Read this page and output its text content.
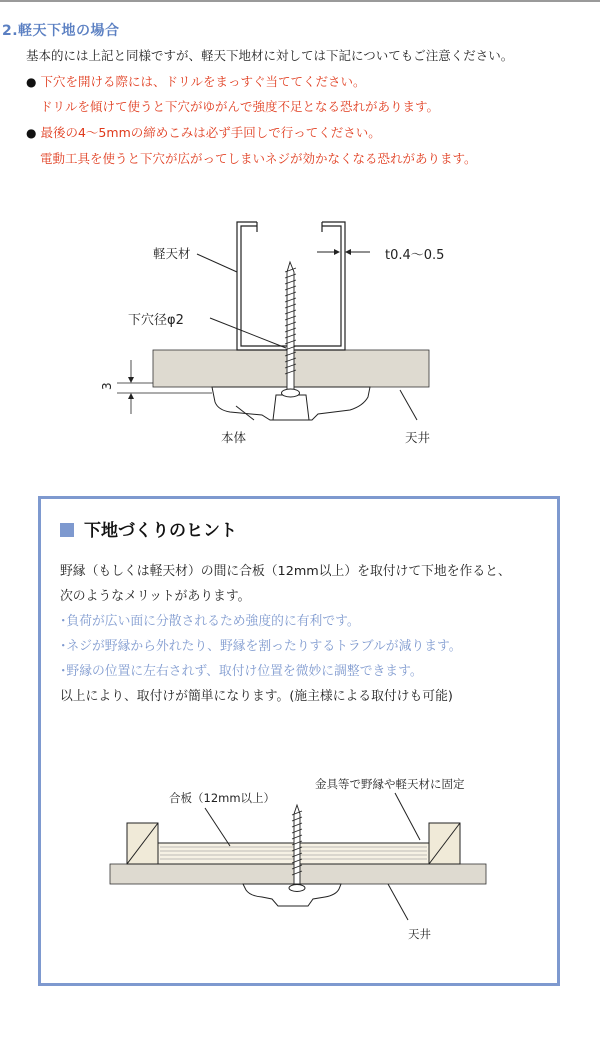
2.軽天下地の場合
基本的には上記と同様ですが、軽天下地材に対しては下記についてもご注意ください。
● 下穴を開ける際には、ドリルをまっすぐ当ててください。
ドリルを傾けて使うと下穴がゆがんで強度不足となる恐れがあります。
● 最後の4〜5mmの締めこみは必ず手回しで行ってください。
電動工具を使うと下穴が広がってしまいネジが効かなくなる恐れがあります。
軽天材	t0.4〜0.5
下穴径φ2
3
本体	天井
下地づくりのヒント
野縁（もしくは軽天材）の間に合板（12mm以上）を取付けて下地を作ると、
次のようなメリットがあります。
･負荷が広い面に分散されるため強度的に有利です。
･ネジが野縁から外れたり、野縁を割ったりするトラブルが減ります。
･野縁の位置に左右されず、取付け位置を微妙に調整できます。
以上により、取付けが簡単になります。(施主様による取付けも可能)
合板（12mm以上）
金具等で野縁や軽天材に固定
天井
